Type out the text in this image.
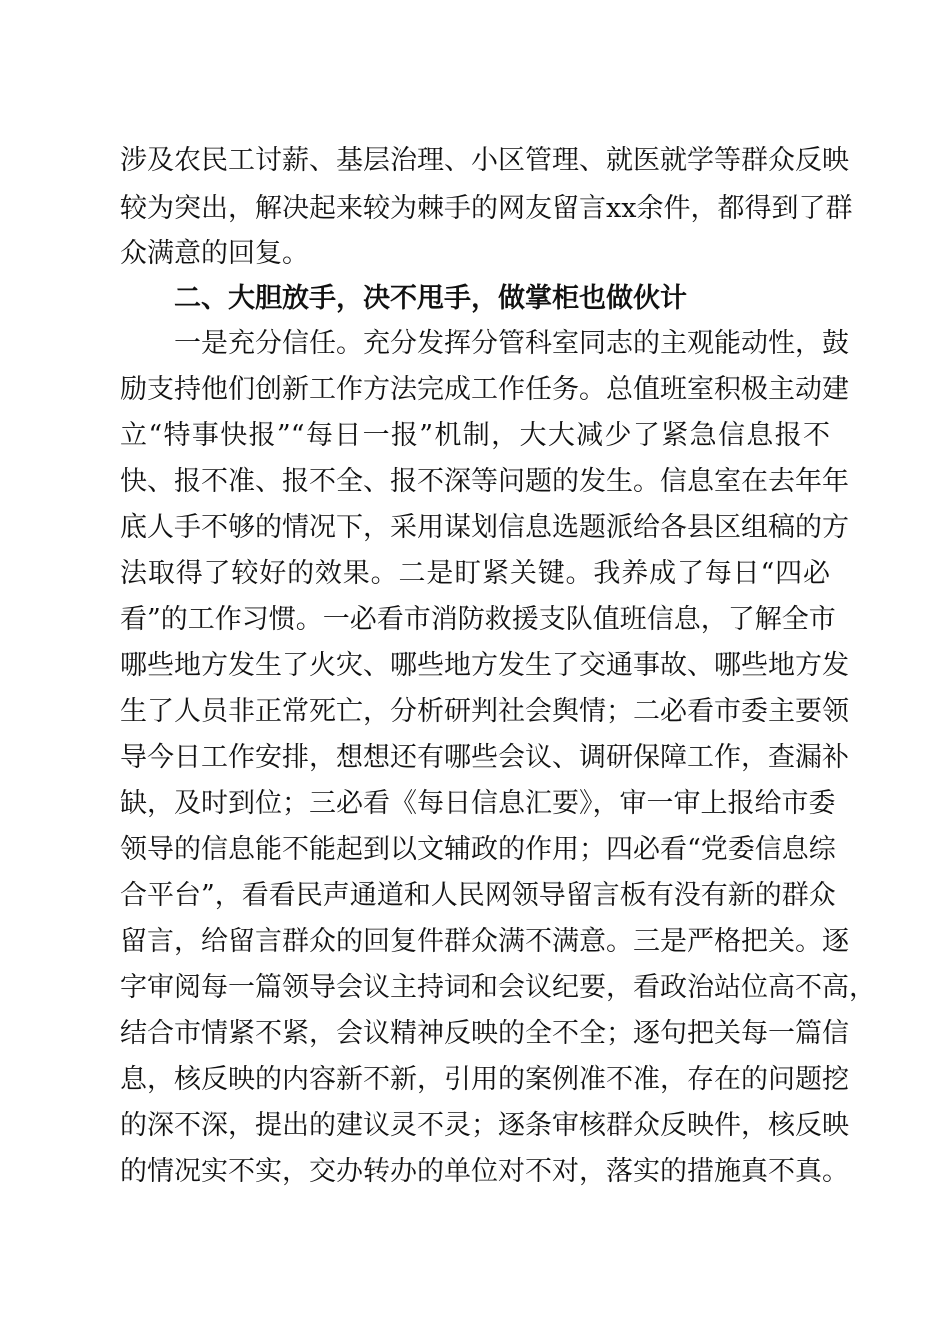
涉及农民工讨薪、基层治理、小区管理、就医就学等群众反映
较为突出，解决起来较为棘手的网友留言xx余件，都得到了群
众满意的回复。
二、大胆放手，决不甩手，做掌柜也做伙计
一是充分信任。充分发挥分管科室同志的主观能动性，鼓
励支持他们创新工作方法完成工作任务。总值班室积极主动建
立“特事快报”“每日一报”机制，大大减少了紧急信息报不
快、报不准、报不全、报不深等问题的发生。信息室在去年年
底人手不够的情况下，采用谋划信息选题派给各县区组稿的方
法取得了较好的效果。二是盯紧关键。我养成了每日“四必
看”的工作习惯。一必看市消防救援支队值班信息，了解全市
哪些地方发生了火灾、哪些地方发生了交通事故、哪些地方发
生了人员非正常死亡，分析研判社会舆情；二必看市委主要领
导今日工作安排，想想还有哪些会议、调研保障工作，查漏补
缺，及时到位；三必看《每日信息汇要》，审一审上报给市委
领导的信息能不能起到以文辅政的作用；四必看“党委信息综
合平台”，看看民声通道和人民网领导留言板有没有新的群众
留言，给留言群众的回复件群众满不满意。三是严格把关。逐
字审阅每一篇领导会议主持词和会议纪要，看政治站位高不高，
结合市情紧不紧，会议精神反映的全不全；逐句把关每一篇信
息，核反映的内容新不新，引用的案例准不准，存在的问题挖
的深不深，提出的建议灵不灵；逐条审核群众反映件，核反映
的情况实不实，交办转办的单位对不对，落实的措施真不真。
